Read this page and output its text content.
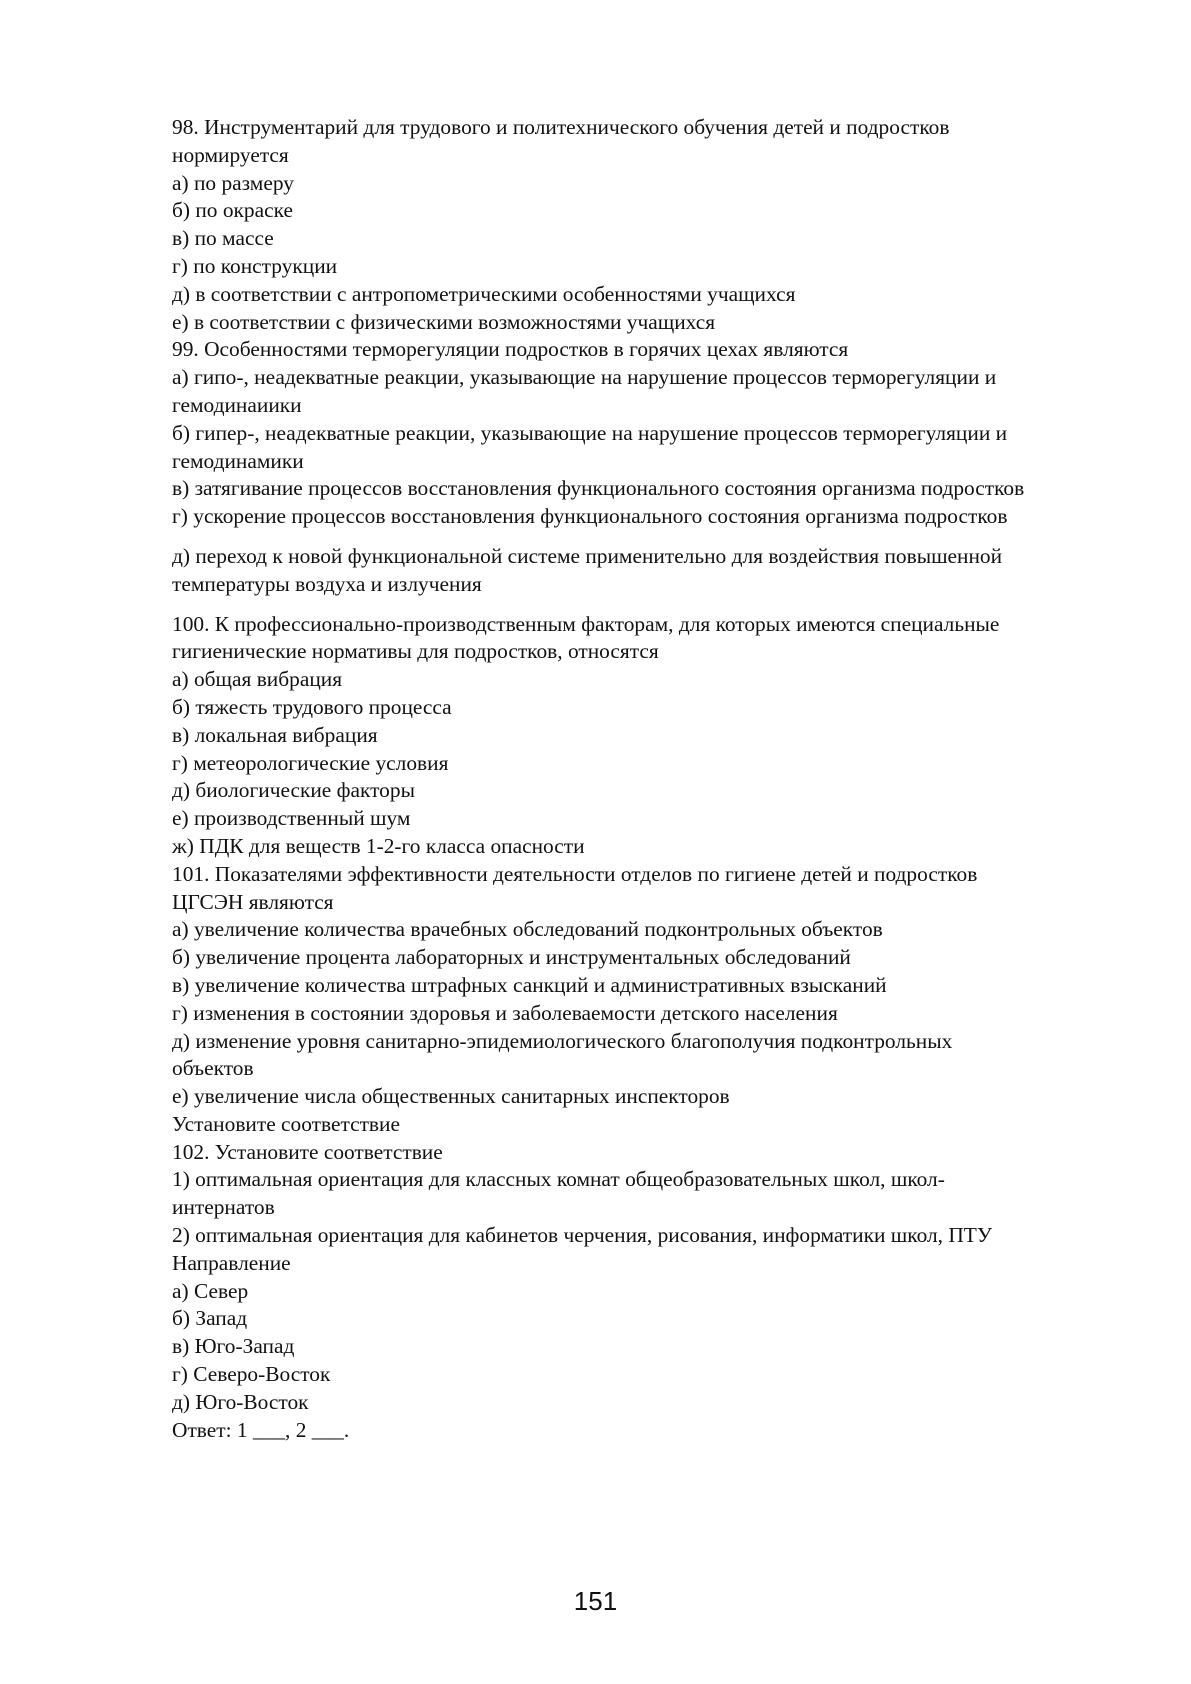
98. Инструментарий для трудового и политехнического обучения детей и подростков
нормируется
а) по размеру
б) по окраске
в) по массе
г) по конструкции
д) в соответствии с антропометрическими особенностями учащихся
е) в соответствии с физическими возможностями учащихся
99. Особенностями терморегуляции подростков в горячих цехах являются
а) гипо-, неадекватные реакции, указывающие на нарушение процессов терморегуляции и
гемодинаиики
б) гипер-, неадекватные реакции, указывающие на нарушение процессов терморегуляции и
гемодинамики
в) затягивание процессов восстановления функционального состояния организма подростков
г) ускорение процессов восстановления функционального состояния организма подростков
д) переход к новой функциональной системе применительно для воздействия повышенной
температуры воздуха и излучения
100. К профессионально-производственным факторам, для которых имеются специальные
гигиенические нормативы для подростков, относятся
а) общая вибрация
б) тяжесть трудового процесса
в) локальная вибрация
г) метеорологические условия
д) биологические факторы
е) производственный шум
ж) ПДК для веществ 1-2-го класса опасности
101. Показателями эффективности деятельности отделов по гигиене детей и подростков
ЦГСЭН являются
а) увеличение количества врачебных обследований подконтрольных объектов
б) увеличение процента лабораторных и инструментальных обследований
в) увеличение количества штрафных санкций и административных взысканий
г) изменения в состоянии здоровья и заболеваемости детского населения
д) изменение уровня санитарно-эпидемиологического благополучия подконтрольных
объектов
е) увеличение числа общественных санитарных инспекторов
Установите соответствие
102. Установите соответствие
1) оптимальная ориентация для классных комнат общеобразовательных школ, школ-
интернатов
2) оптимальная ориентация для кабинетов черчения, рисования, информатики школ, ПТУ
Направление
а) Север
б) Запад
в) Юго-Запад
г) Северо-Восток
д) Юго-Восток
Ответ: 1 ___, 2 ___.
151
